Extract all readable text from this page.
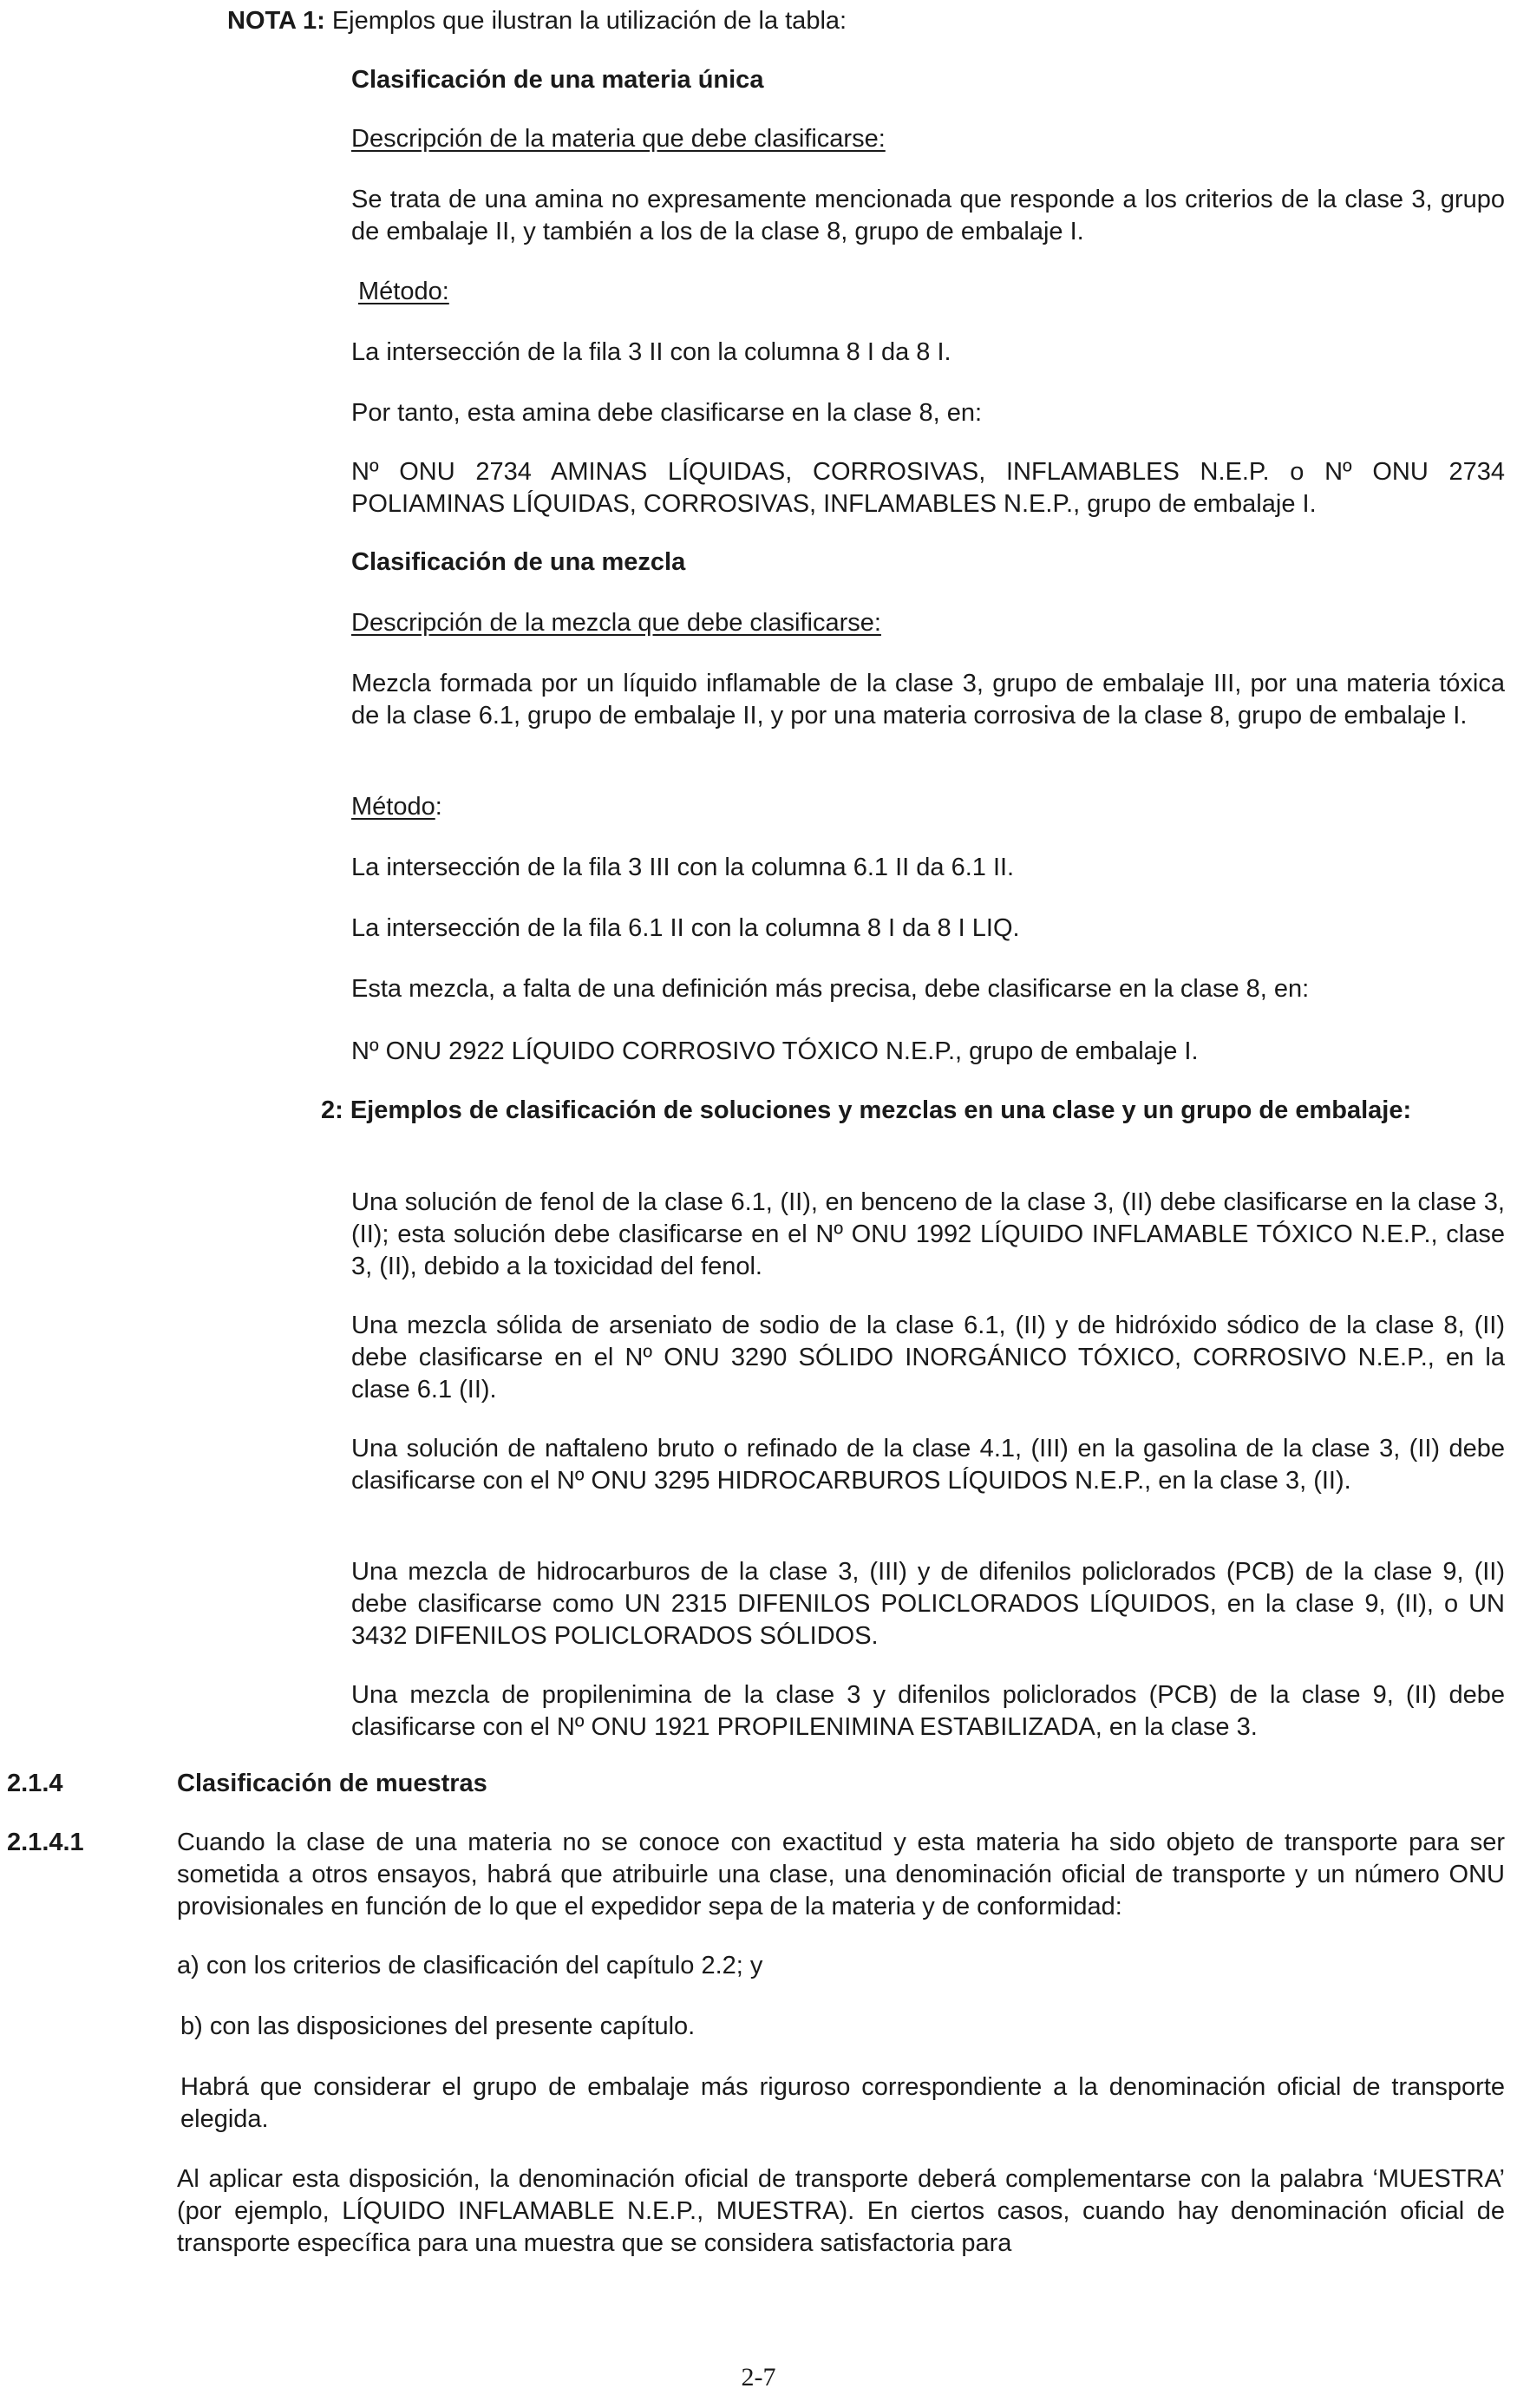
NOTA 1: Ejemplos que ilustran la utilización de la tabla:
Clasificación de una materia única
Descripción de la materia que debe clasificarse:
Se trata de una amina no expresamente mencionada que responde a los criterios de la clase 3, grupo de embalaje II, y también a los de la clase 8, grupo de embalaje I.
Método:
La intersección de la fila 3 II con la columna 8 I da 8 I.
Por tanto, esta amina debe clasificarse en la clase 8, en:
Nº ONU 2734 AMINAS LÍQUIDAS, CORROSIVAS, INFLAMABLES N.E.P. o Nº ONU 2734 POLIAMINAS LÍQUIDAS, CORROSIVAS, INFLAMABLES N.E.P., grupo de embalaje I.
Clasificación de una mezcla
Descripción de la mezcla que debe clasificarse:
Mezcla formada por un líquido inflamable de la clase 3, grupo de embalaje III, por una materia tóxica de la clase 6.1, grupo de embalaje II, y por una materia corrosiva de la clase 8, grupo de embalaje I.
Método:
La intersección de la fila 3 III con la columna 6.1 II da 6.1 II.
La intersección de la fila 6.1 II con la columna 8 I da 8 I LIQ.
Esta mezcla, a falta de una definición más precisa, debe clasificarse en la clase 8, en:
Nº ONU 2922 LÍQUIDO CORROSIVO TÓXICO N.E.P., grupo de embalaje I.
2: Ejemplos de clasificación de soluciones y mezclas en una clase y un grupo de embalaje:
Una solución de fenol de la clase 6.1, (II), en benceno de la clase 3, (II) debe clasificarse en la clase 3, (II); esta solución debe clasificarse en el Nº ONU 1992 LÍQUIDO INFLAMABLE TÓXICO N.E.P., clase 3, (II), debido a la toxicidad del fenol.
Una mezcla sólida de arseniato de sodio de la clase 6.1, (II) y de hidróxido sódico de la clase 8, (II) debe clasificarse en el Nº ONU 3290 SÓLIDO INORGÁNICO TÓXICO, CORROSIVO N.E.P., en la clase 6.1 (II).
Una solución de naftaleno bruto o refinado de la clase 4.1, (III) en la gasolina de la clase 3, (II) debe clasificarse con el Nº ONU 3295 HIDROCARBUROS LÍQUIDOS N.E.P., en la clase 3, (II).
Una mezcla de hidrocarburos de la clase 3, (III) y de difenilos policlorados (PCB) de la clase 9, (II) debe clasificarse como UN 2315 DIFENILOS POLICLORADOS LÍQUIDOS, en la clase 9, (II), o UN 3432 DIFENILOS POLICLORADOS SÓLIDOS.
Una mezcla de propilenimina de la clase 3 y difenilos policlorados (PCB) de la clase 9, (II) debe clasificarse con el Nº ONU 1921 PROPILENIMINA ESTABILIZADA, en la clase 3.
2.1.4	Clasificación de muestras
2.1.4.1	Cuando la clase de una materia no se conoce con exactitud y esta materia ha sido objeto de transporte para ser sometida a otros ensayos, habrá que atribuirle una clase, una denominación oficial de transporte y un número ONU provisionales en función de lo que el expedidor sepa de la materia y de conformidad:
a) con los criterios de clasificación del capítulo 2.2; y
b) con las disposiciones del presente capítulo.
Habrá que considerar el grupo de embalaje más riguroso correspondiente a la denominación oficial de transporte elegida.
Al aplicar esta disposición, la denominación oficial de transporte deberá complementarse con la palabra ‘MUESTRA’ (por ejemplo, LÍQUIDO INFLAMABLE N.E.P., MUESTRA). En ciertos casos, cuando hay denominación oficial de transporte específica para una muestra que se considera satisfactoria para
2-7
